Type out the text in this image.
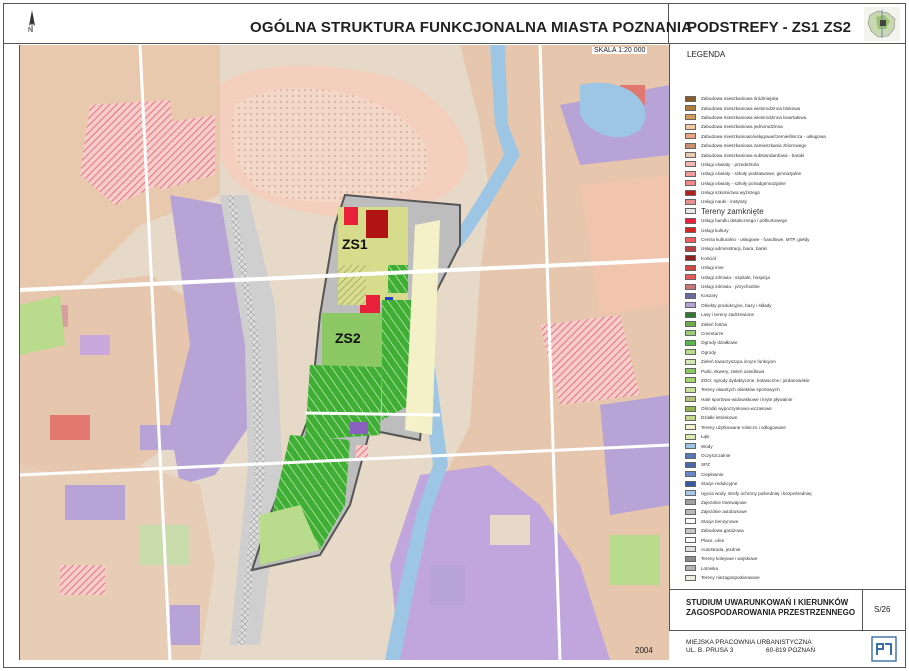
N	OGÓLNA STRUKTURA FUNKCJONALNA MIASTA POZNANIA
PODSTREFY - ZS1 ZS2
ZS1
ZS2
SKALA 1:20 000
2004
LEGENDA
Zabudowa mieszkaniowa śródmiejska
Zabudowa mieszkaniowa wielorodzinna blokowa
Zabudowa mieszkaniowa wielorodzinna kwartałowa
Zabudowa mieszkaniowa jednorodzinna
Zabudowa mieszkaniowo/usługowa/rzemieślnicza - usługowa
Zabudowa mieszkaniowa zamieszkania zbiorowego
Zabudowa mieszkaniowa substandardowa - baraki
Usługi oświaty - przedszkola
Usługi oświaty - szkoły podstawowe, gimnazjalne
Usługi oświaty - szkoły ponadgimnazjalne
Usługi szkolnictwa wyższego
Usługi nauki - instytuty
Tereny zamknięte
Usługi handlu detalicznego i półhurtowego
Usługi kultury
Centra kulturalno - usługowe - handlowe, MTP, giełdy
Usługi administracji, biura, banki
Kościół
Usługi inne
Usługi zdrowia - szpitale, hospicja
Usługi zdrowia - przychodnie
Koszary
Obiekty produkcyjne, bazy i składy
Lasy i tereny zadrzewione
Zieleń fortów
Cmentarze
Ogrody działkowe
Ogrody
Zieleń towarzysząca innym funkcjom
Parki, skwery, zieleń osiedlowa
ZOO, ogrody dydaktyczne, botaniczne i jordanowskie
Tereny otwartych obiektów sportowych
Hale sportowo-widowiskowe i kryte pływalnie
Ośrodki wypoczynkowo-wczasowe
Działki letniskowe
Tereny użytkowane rolniczo i odłogowane
Łąki
Wody
Oczyszczalnie
SPZ
Ciepłownie
Stacje redukcyjne
Ujęcia wody, strefy ochrony pośredniej i bezpośredniej
Zajezdnie tramwajowe
Zajezdnie autobusowe
Stacje benzynowe
Zabudowa garażowa
Place, ulice
Autostrada, jezdnie
Tereny kolejowe i wojskowe
Lotniska
Tereny niezagospodarowane
STUDIUM UWARUNKOWAŃ I KIERUNKÓW ZAGOSPODAROWANIA PRZESTRZENNEGO	S/26
MIEJSKA PRACOWNIA URBANISTYCZNA
UL. B. PRUSA 3	60-819 POZNAŃ
